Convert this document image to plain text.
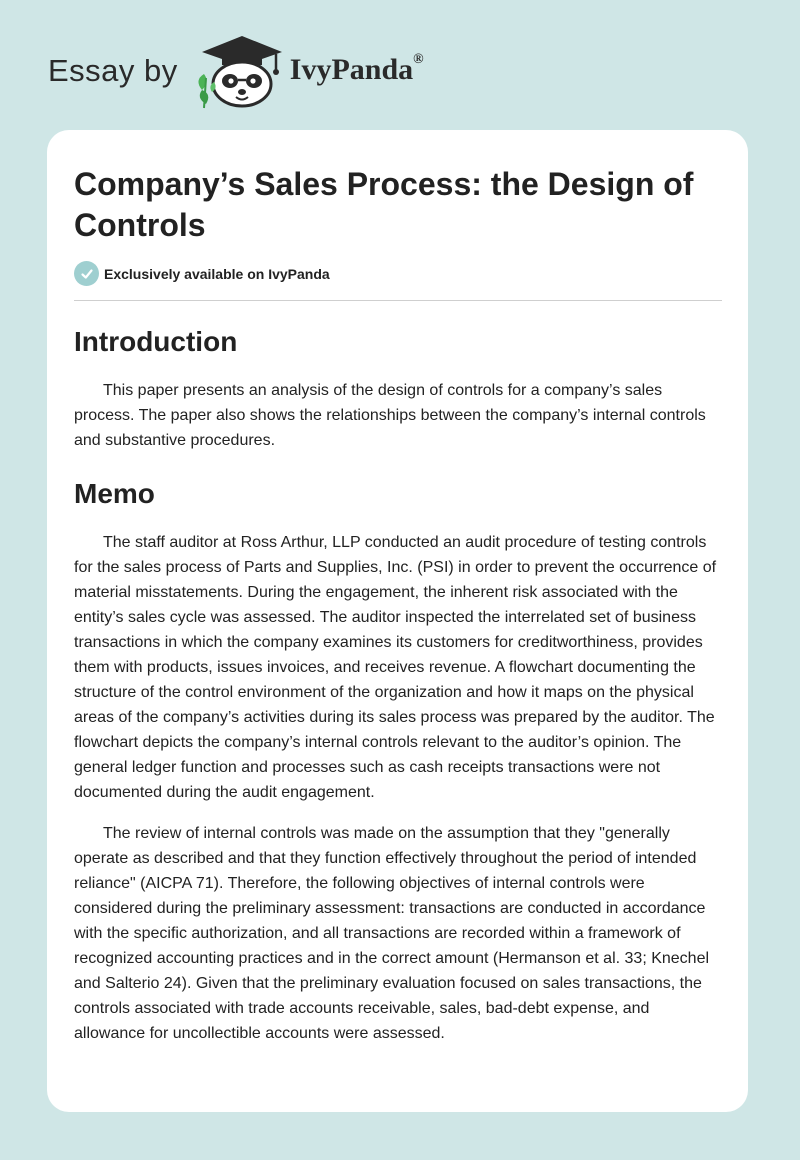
Essay by	IvyPanda®
Company’s Sales Process: the Design of Controls
Exclusively available on IvyPanda
Introduction

This paper presents an analysis of the design of controls for a company’s sales process. The paper also shows the relationships between the company’s internal controls and substantive procedures.

Memo

The staff auditor at Ross Arthur, LLP conducted an audit procedure of testing controls for the sales process of Parts and Supplies, Inc. (PSI) in order to prevent the occurrence of material misstatements. During the engagement, the inherent risk associated with the entity’s sales cycle was assessed. The auditor inspected the interrelated set of business transactions in which the company examines its customers for creditworthiness, provides them with products, issues invoices, and receives revenue. A flowchart documenting the structure of the control environment of the organization and how it maps on the physical areas of the company’s activities during its sales process was prepared by the auditor. The flowchart depicts the company’s internal controls relevant to the auditor’s opinion. The general ledger function and processes such as cash receipts transactions were not documented during the audit engagement.

The review of internal controls was made on the assumption that they "generally operate as described and that they function effectively throughout the period of intended reliance" (AICPA 71). Therefore, the following objectives of internal controls were considered during the preliminary assessment: transactions are conducted in accordance with the specific authorization, and all transactions are recorded within a framework of recognized accounting practices and in the correct amount (Hermanson et al. 33; Knechel and Salterio 24). Given that the preliminary evaluation focused on sales transactions, the controls associated with trade accounts receivable, sales, bad-debt expense, and allowance for uncollectible accounts were assessed.
